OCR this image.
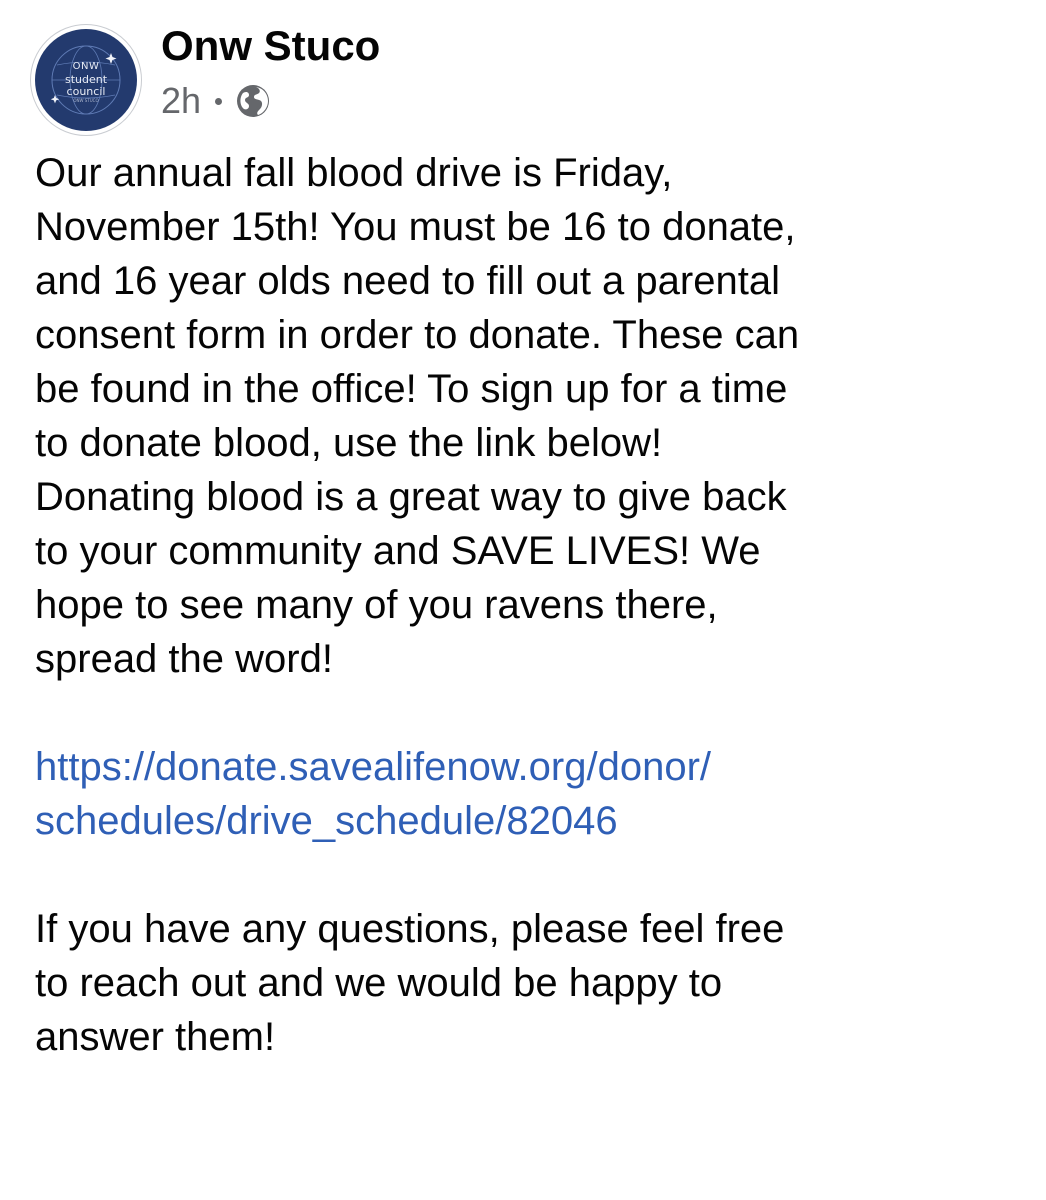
ONW
student
council
ONW STUCO
Onw Stuco
2h

Our annual fall blood drive is Friday,

November 15th! You must be 16 to donate,

and 16 year olds need to fill out a parental

consent form in order to donate. These can

be found in the office! To sign up for a time

to donate blood, use the link below!

Donating blood is a great way to give back

to your community and SAVE LIVES! We

hope to see many of you ravens there,

spread the word!

https://donate.savealifenow.org/donor/

schedules/drive_schedule/82046

If you have any questions, please feel free

to reach out and we would be happy to

answer them!
